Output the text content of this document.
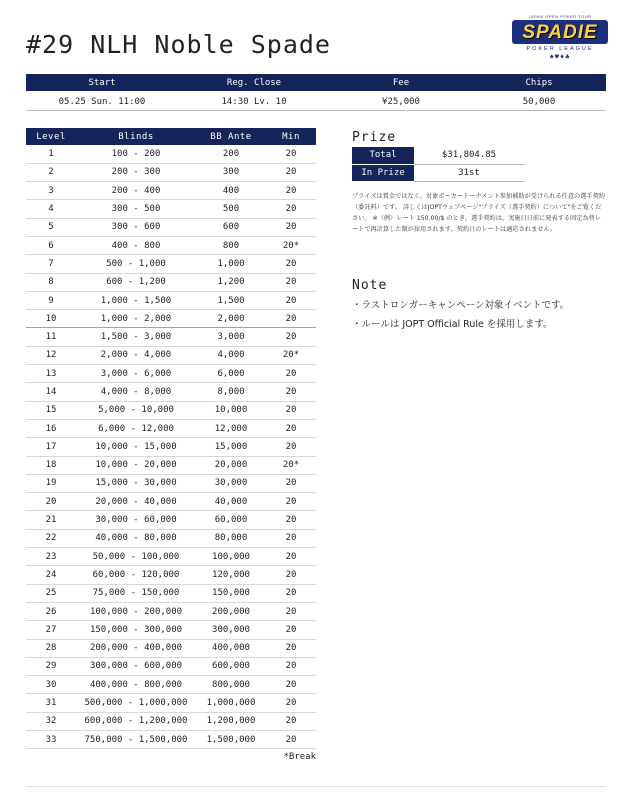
#29 NLH Noble Spade
JAPAN OPEN POKER TOUR
SPADIE
POKER LEAGUE
♠♥♦♣
Start	Reg. Close	Fee	Chips
05.25 Sun. 11:00	14:30 Lv. 10	¥25,000	50,000
Level	Blinds	BB Ante	Min
1	100 - 200	200	20
2	200 - 300	300	20
3	200 - 400	400	20
4	300 - 500	500	20
5	300 - 600	600	20
6	400 - 800	800	20*
7	500 - 1,000	1,000	20
8	600 - 1,200	1,200	20
9	1,000 - 1,500	1,500	20
10	1,000 - 2,000	2,000	20
11	1,500 - 3,000	3,000	20
12	2,000 - 4,000	4,000	20*
13	3,000 - 6,000	6,000	20
14	4,000 - 8,000	8,000	20
15	5,000 - 10,000	10,000	20
16	6,000 - 12,000	12,000	20
17	10,000 - 15,000	15,000	20
18	10,000 - 20,000	20,000	20*
19	15,000 - 30,000	30,000	20
20	20,000 - 40,000	40,000	20
21	30,000 - 60,000	60,000	20
22	40,000 - 80,000	80,000	20
23	50,000 - 100,000	100,000	20
24	60,000 - 120,000	120,000	20
25	75,000 - 150,000	150,000	20
26	100,000 - 200,000	200,000	20
27	150,000 - 300,000	300,000	20
28	200,000 - 400,000	400,000	20
29	300,000 - 600,000	600,000	20
30	400,000 - 800,000	800,000	20
31	500,000 - 1,000,000	1,000,000	20
32	600,000 - 1,200,000	1,200,000	20
33	750,000 - 1,500,000	1,500,000	20
*Break
Prize
Total	$31,804.85
In Prize	31st
プライズは賞金ではなく、対象ポーカートーナメント参加補助が受けられる任意の選手契約（委託料）です。 詳しくはJOPTウェブページ"プライズ（選手契約）について"をご覧ください。 ※（例）レート 150.00/$ のとき。選手契約は、実施日日前に発表する固定為替レートで再計算した額が採用されます。契約日のレートは適応されません。
Note
・ ラストロンガーキャンペーン対象イベントです。
・ ルールは JOPT Official Rule を採用します。
